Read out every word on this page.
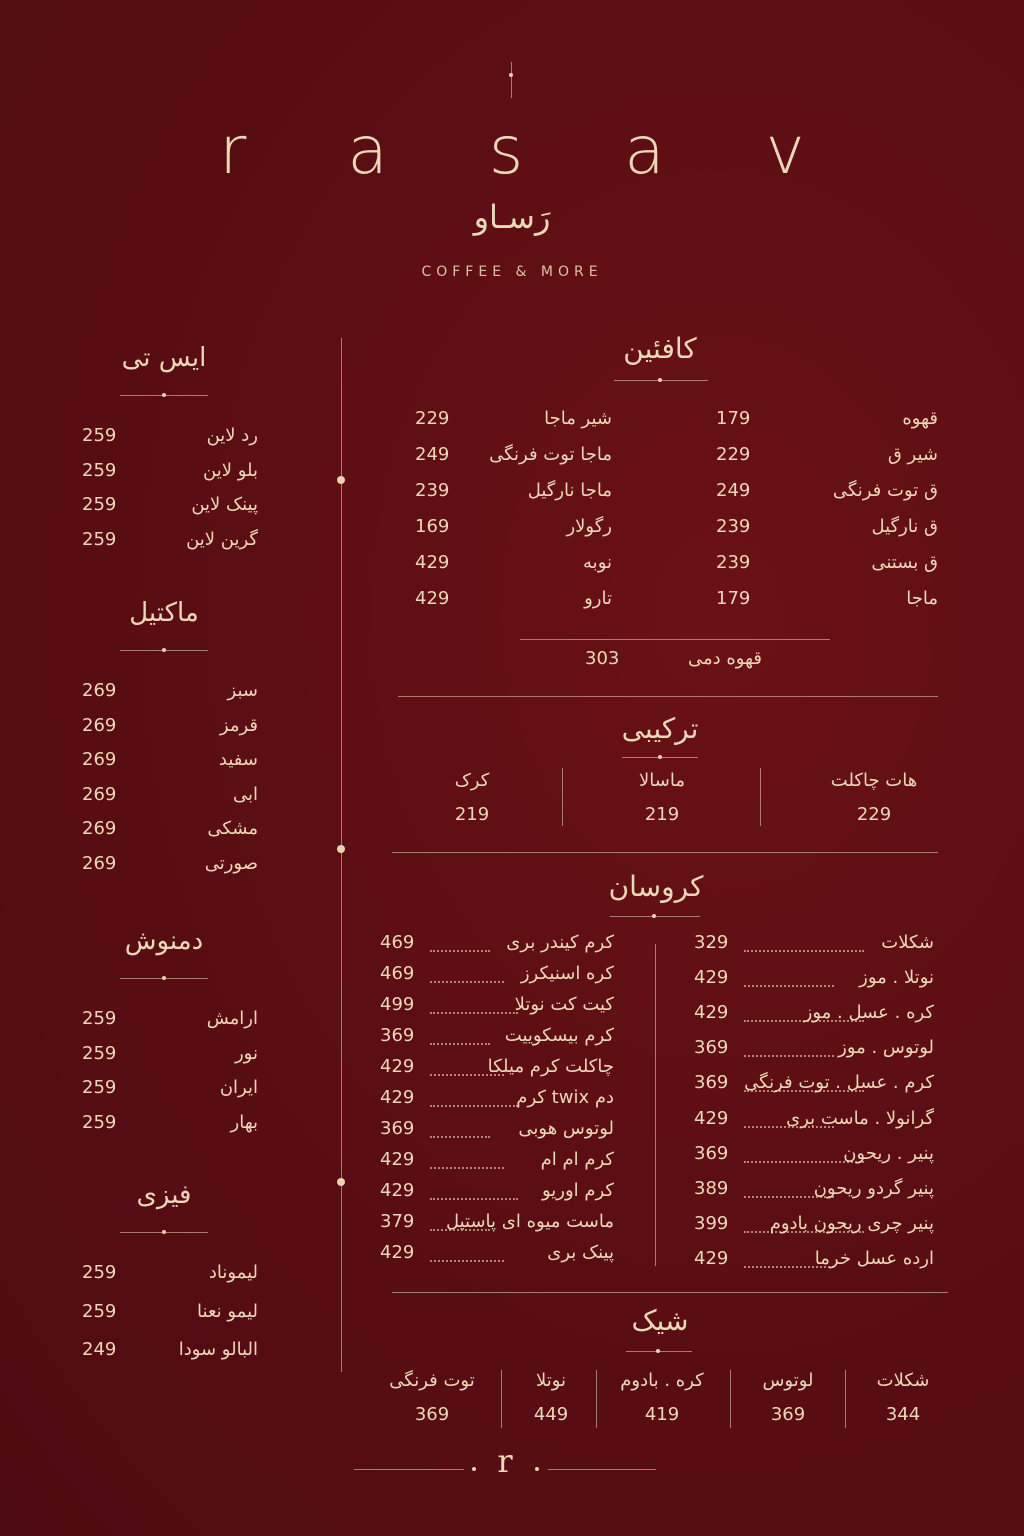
r a s a v
رَسـاو
COFFEE & MORE
ایس تی
رد لاین
259
بلو لاین
259
پینک لاین
259
گرین لاین
259
ماکتیل
سبز
269
قرمز
269
سفید
269
ابی
269
مشکی
269
صورتی
269
دمنوش
ارامش
259
نور
259
ایران
259
بهار
259
فیزی
لیموناد
259
لیمو نعنا
259
البالو سودا
249
کافئین
قهوه دمی
303
قهوه
179
شیر ق
229
ق توت فرنگی
249
ق نارگیل
239
ق بستنی
239
ماجا
179
شیر ماجا
229
ماجا توت فرنگی
249
ماجا نارگیل
239
رگولار
169
نوبه
429
تارو
429
ترکیبی
هات چاکلت
229
ماسالا
219
کرک
219
کروسان
شکلات
329
نوتلا . موز
429
کره . عسل . موز
429
لوتوس . موز
369
کرم . عسل . توت فرنگی
369
گرانولا . ماست بری
429
پنیر . ریحون
369
پنیر گردو ریحون
389
پنیر چری ریحون بادوم
399
ارده عسل خرما
429
کرم کیندر بری
469
کره اسنیکرز
469
کیت کت نوتلا
499
کرم بیسکوییت
369
چاکلت کرم میلکا
429
دم twix کرم
429
لوتوس هوبی
369
کرم ام ام
429
کرم اوریو
429
ماست میوه ای پاستیل
379
پینک بری
429
شیک
شکلات
344
لوتوس
369
کره . بادوم
419
نوتلا
449
توت فرنگی
369
r
